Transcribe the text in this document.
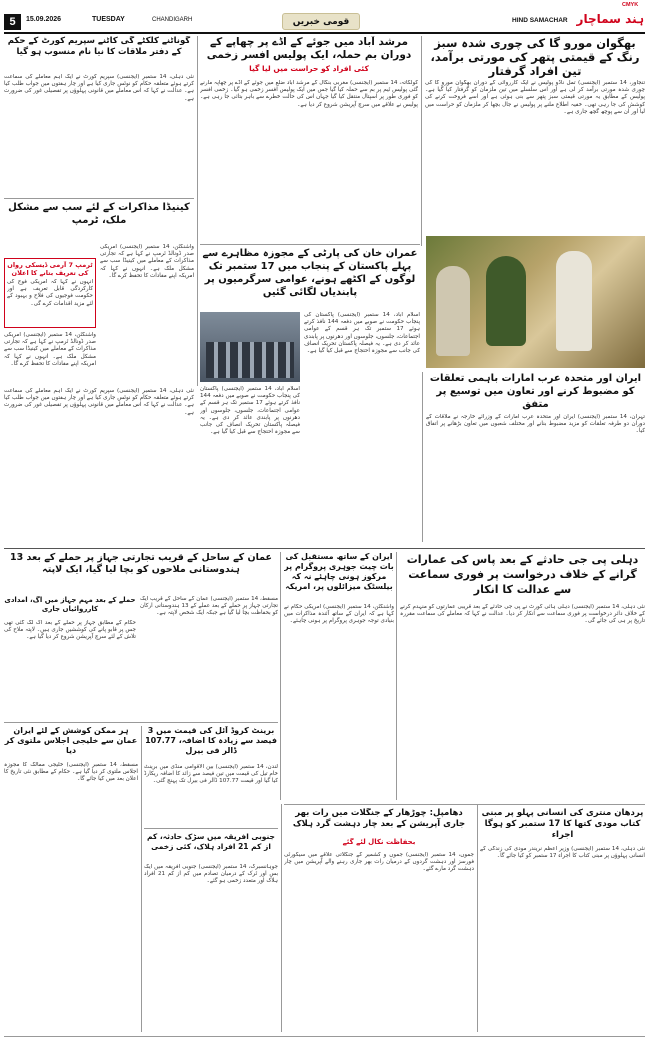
5	15.09.2026	TUESDAY	CHANDIGARH	قومی خبریں	HIND SAMACHAR ہند سماچار
CMYK
بھگوان مورو گا کی چوری شدہ سبز رنگ کے قیمتی پتھر کی مورتی برآمد، تین افراد گرفتار
تنجاور، 14 ستمبر (ایجنسی) تمل ناڈو پولیس نے ایک کارروائی کے دوران بھگوان مورو گا کی چوری شدہ مورتی برآمد کر لی ہے اور اس سلسلے میں تین ملزمان کو گرفتار کیا گیا ہے۔ پولیس کے مطابق یہ مورتی قیمتی سبز پتھر سے بنی ہوئی ہے اور اسے فروخت کرنے کی کوشش کی جا رہی تھی۔ خفیہ اطلاع ملنے پر پولیس نے جال بچھا کر ملزمان کو حراست میں لیا اور ان سے پوچھ گچھ جاری ہے۔
مرشد آباد میں جوئے کے اڈے پر چھاپے کے دوران بم حملہ، ایک پولیس افسر زخمی
کئی افراد کو حراست میں لیا گیا
کولکاتہ، 14 ستمبر (ایجنسی) مغربی بنگال کے مرشد آباد ضلع میں جوئے کے اڈے پر چھاپہ مارنے گئی پولیس ٹیم پر بم سے حملہ کیا گیا جس میں ایک پولیس افسر زخمی ہو گیا۔ زخمی افسر کو فوری طور پر اسپتال منتقل کیا گیا جہاں اس کی حالت خطرے سے باہر بتائی جا رہی ہے۔ پولیس نے علاقے میں سرچ آپریشن شروع کر دیا ہے۔
گوناٹنے کلکٹے گی کاٹنے سپریم کورٹ کے حکم کے دفتر ملاقات کا نیا نام منسوب ہو گیا
نئی دہلی، 14 ستمبر (ایجنسی) سپریم کورٹ نے ایک اہم معاملے کی سماعت کرتے ہوئے متعلقہ حکام کو نوٹس جاری کیا ہے اور چار ہفتوں میں جواب طلب کیا ہے۔ عدالت نے کہا کہ اس معاملے میں قانونی پہلوؤں پر تفصیلی غور کی ضرورت ہے۔
کینیڈا مذاکرات کے لئے سب سے مشکل ملک، ٹرمپ
واشنگٹن، 14 ستمبر (ایجنسی) امریکی صدر ڈونالڈ ٹرمپ نے کہا ہے کہ تجارتی مذاکرات کے معاملے میں کینیڈا سب سے مشکل ملک ہے۔ انہوں نے کہا کہ امریکہ اپنے مفادات کا تحفظ کرے گا۔
ٹرمپ 7 آرمی ڈیسکی رواں کی تعریف بتانے کا اعلان
انہوں نے کہا کہ امریکی فوج کی کارکردگی قابل تعریف ہے اور حکومت فوجیوں کی فلاح و بہبود کے لئے مزید اقدامات کرے گی۔
واشنگٹن، 14 ستمبر (ایجنسی) امریکی صدر ڈونالڈ ٹرمپ نے کہا ہے کہ تجارتی مذاکرات کے معاملے میں کینیڈا سب سے مشکل ملک ہے۔ انہوں نے کہا کہ امریکہ اپنے مفادات کا تحفظ کرے گا۔
عمران خان کی پارٹی کے مجوزہ مظاہرے سے پہلے پاکستان کے پنجاب میں 17 ستمبر تک لوگوں کے اکٹھے ہونے، عوامی سرگرمیوں پر پابندیاں لگائی گئیں
اسلام آباد، 14 ستمبر (ایجنسی) پاکستان کی پنجاب حکومت نے صوبے میں دفعہ 144 نافذ کرتے ہوئے 17 ستمبر تک ہر قسم کے عوامی اجتماعات، جلسوں، جلوسوں اور دھرنوں پر پابندی عائد کر دی ہے۔ یہ فیصلہ پاکستان تحریک انصاف کی جانب سے مجوزہ احتجاج سے قبل کیا گیا ہے۔
اسلام آباد، 14 ستمبر (ایجنسی) پاکستان کی پنجاب حکومت نے صوبے میں دفعہ 144 نافذ کرتے ہوئے 17 ستمبر تک ہر قسم کے عوامی اجتماعات، جلسوں، جلوسوں اور دھرنوں پر پابندی عائد کر دی ہے۔ یہ فیصلہ پاکستان تحریک انصاف کی جانب سے مجوزہ احتجاج سے قبل کیا گیا ہے۔
ایران اور متحدہ عرب امارات باہمی تعلقات کو مضبوط کرنے اور تعاون میں توسیع پر متفق
تہران، 14 ستمبر (ایجنسی) ایران اور متحدہ عرب امارات کے وزرائے خارجہ نے ملاقات کے دوران دو طرفہ تعلقات کو مزید مضبوط بنانے اور مختلف شعبوں میں تعاون بڑھانے پر اتفاق کیا۔
نئی دہلی، 14 ستمبر (ایجنسی) سپریم کورٹ نے ایک اہم معاملے کی سماعت کرتے ہوئے متعلقہ حکام کو نوٹس جاری کیا ہے اور چار ہفتوں میں جواب طلب کیا ہے۔ عدالت نے کہا کہ اس معاملے میں قانونی پہلوؤں پر تفصیلی غور کی ضرورت ہے۔
دہلی پی جی حادثے کے بعد پاس کی عمارات گرانے کے خلاف درخواست پر فوری سماعت سے عدالت کا انکار
نئی دہلی، 14 ستمبر (ایجنسی) دہلی ہائی کورٹ نے پی جی حادثے کے بعد قریبی عمارتوں کو منہدم کرنے کے خلاف دائر درخواست پر فوری سماعت سے انکار کر دیا۔ عدالت نے کہا کہ معاملے کی سماعت مقررہ تاریخ پر ہی کی جائے گی۔
ایران کے ساتھ مستقبل کی بات چیت جوہری پروگرام پر مرکوز ہونی چاہئے نہ کہ بیلسٹک میزائلوں پر، امریکہ
واشنگٹن، 14 ستمبر (ایجنسی) امریکی حکام نے کہا ہے کہ ایران کے ساتھ آئندہ مذاکرات میں بنیادی توجہ جوہری پروگرام پر ہونی چاہئے۔
عمان کے ساحل کے قریب تجارتی جہاز پر حملے کے بعد 13 ہندوستانی ملاحوں کو بچا لیا گیا، ایک لاپتہ
مسقط، 14 ستمبر (ایجنسی) عمان کے ساحل کے قریب ایک تجارتی جہاز پر حملے کے بعد عملے کے 13 ہندوستانی ارکان کو بحفاظت بچا لیا گیا ہے جبکہ ایک شخص لاپتہ ہے۔
حملے کے بعد مہم جہاز میں آگ، امدادی کارروائیاں جاری
حکام کے مطابق جہاز پر حملے کے بعد آگ لگ گئی تھی جس پر قابو پانے کی کوششیں جاری ہیں۔ لاپتہ ملاح کی تلاش کے لئے سرچ آپریشن شروع کر دیا گیا ہے۔
ہر ممکن کوشش کے لئے ایران عمان سے خلیجی اجلاس ملتوی کر دیا
مسقط، 14 ستمبر (ایجنسی) خلیجی ممالک کا مجوزہ اجلاس ملتوی کر دیا گیا ہے۔ حکام کے مطابق نئی تاریخ کا اعلان بعد میں کیا جائے گا۔
برینٹ کروڈ آئل کی قیمت میں 3 فیصد سے زیادہ کا اضافہ، 107.77 ڈالر فی بیرل
لندن، 14 ستمبر (ایجنسی) بین الاقوامی منڈی میں برینٹ خام تیل کی قیمت میں تین فیصد سے زائد کا اضافہ ریکارڈ کیا گیا اور قیمت 107.77 ڈالر فی بیرل تک پہنچ گئی۔
جنوبی افریقہ میں سڑک حادثہ، کم از کم 21 افراد ہلاک، کئی زخمی
جوہانسبرگ، 14 ستمبر (ایجنسی) جنوبی افریقہ میں ایک بس اور ٹرک کے درمیان تصادم میں کم از کم 21 افراد ہلاک اور متعدد زخمی ہو گئے۔
دھامپل: چوڑھار کے جنگلات میں رات بھر جاری آپریشن کے بعد چار دہشت گرد ہلاک
بحفاظت نکال لئے گئے
جموں، 14 ستمبر (ایجنسی) جموں و کشمیر کے جنگلاتی علاقے میں سیکورٹی فورسز اور دہشت گردوں کے درمیان رات بھر جاری رہنے والے آپریشن میں چار دہشت گرد مارے گئے۔
پردھان منتری کی انسانی پہلو پر مبنی کتاب مودی کتھا کا 17 ستمبر کو ہوگا اجراء
نئی دہلی، 14 ستمبر (ایجنسی) وزیر اعظم نریندر مودی کی زندگی کے انسانی پہلوؤں پر مبنی کتاب کا اجراء 17 ستمبر کو کیا جائے گا۔
